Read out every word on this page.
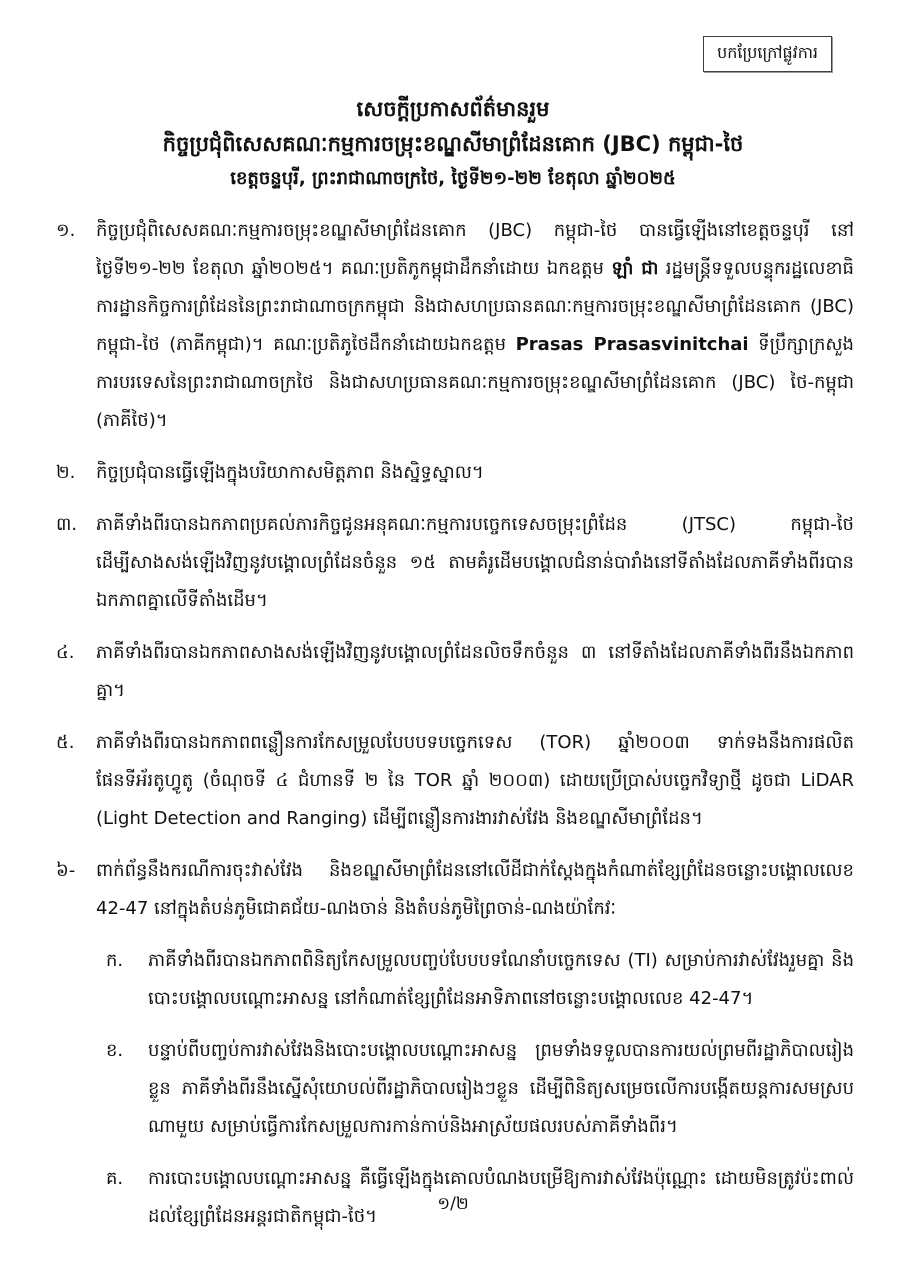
បកប្រែក្រៅផ្លូវការ
សេចក្តីប្រកាសព័ត៌មានរួម
កិច្ចប្រជុំពិសេសគណៈកម្មការចម្រុះខណ្ឌសីមាព្រំដែនគោក (JBC) កម្ពុជា-ថៃ
ខេត្តចន្ទបុរី, ព្រះរាជាណាចក្រថៃ, ថ្ងៃទី២១-២២ ខែតុលា ឆ្នាំ២០២៥
១.	កិច្ចប្រជុំពិសេសគណៈកម្មការចម្រុះខណ្ឌសីមាព្រំដែនគោក (JBC) កម្ពុជា-ថៃ បានធ្វើឡើងនៅខេត្តចន្ទបុរី នៅថ្ងៃទី២១-២២ ខែតុលា ឆ្នាំ២០២៥។ គណៈប្រតិភូកម្ពុជាដឹកនាំដោយ ឯកឧត្តម ឡាំ ជា រដ្ឋមន្ត្រីទទួលបន្ទុករដ្ឋលេខាធិការដ្ឋានកិច្ចការព្រំដែននៃព្រះរាជាណាចក្រកម្ពុជា និងជាសហប្រធានគណៈកម្មការចម្រុះខណ្ឌសីមាព្រំដែនគោក (JBC) កម្ពុជា-ថៃ (ភាគីកម្ពុជា)។ គណៈប្រតិភូថៃដឹកនាំដោយឯកឧត្តម Prasas Prasasvinitchai ទីប្រឹក្សាក្រសួងការបរទេសនៃព្រះរាជាណាចក្រថៃ និងជាសហប្រធានគណៈកម្មការចម្រុះខណ្ឌសីមាព្រំដែនគោក (JBC) ថៃ-កម្ពុជា (ភាគីថៃ)។
២.	កិច្ចប្រជុំបានធ្វើឡើងក្នុងបរិយាកាសមិត្តភាព និងស្និទ្ធស្នាល។
៣.	ភាគីទាំងពីរបានឯកភាពប្រគល់ភារកិច្ចជូនអនុគណៈកម្មការបច្ចេកទេសចម្រុះព្រំដែន (JTSC) កម្ពុជា-ថៃ ដើម្បីសាងសង់ឡើងវិញនូវបង្គោលព្រំដែនចំនួន ១៥ តាមគំរូដើមបង្គោលជំនាន់បារាំងនៅទីតាំងដែលភាគីទាំងពីរបានឯកភាពគ្នាលើទីតាំងដើម។
៤.	ភាគីទាំងពីរបានឯកភាពសាងសង់ឡើងវិញនូវបង្គោលព្រំដែនលិចទឹកចំនួន ៣ នៅទីតាំងដែលភាគីទាំងពីរនឹងឯកភាពគ្នា។
៥.	ភាគីទាំងពីរបានឯកភាពពន្លឿនការកែសម្រួលបែបបទបច្ចេកទេស (TOR) ឆ្នាំ២០០៣ ទាក់ទងនឹងការផលិតផែនទីអ័រតូហ្វូតូ (ចំណុចទី ៤ ជំហានទី ២ នៃ TOR ឆ្នាំ ២០០៣) ដោយប្រើប្រាស់បច្ចេកវិទ្យាថ្មី ដូចជា LiDAR (Light Detection and Ranging) ដើម្បីពន្លឿនការងារវាស់វែង និងខណ្ឌសីមាព្រំដែន។
៦-	ពាក់ព័ន្ធនឹងករណីការចុះវាស់វែង និងខណ្ឌសីមាព្រំដែននៅលើដីជាក់ស្តែងក្នុងកំណាត់ខ្សែព្រំដែនចន្លោះបង្គោលលេខ 42-47 នៅក្នុងតំបន់ភូមិជោគជ័យ-ណងចាន់ និងតំបន់ភូមិព្រៃចាន់-ណងយ៉ាកែវៈ
ក.	ភាគីទាំងពីរបានឯកភាពពិនិត្យកែសម្រួលបញ្ចប់បែបបទណែនាំបច្ចេកទេស (TI) សម្រាប់ការវាស់វែងរួមគ្នា និងបោះបង្គោលបណ្តោះអាសន្ន នៅកំណាត់ខ្សែព្រំដែនអាទិភាពនៅចន្លោះបង្គោលលេខ 42-47។
ខ.	បន្ទាប់ពីបញ្ចប់ការវាស់វែងនិងបោះបង្គោលបណ្តោះអាសន្ន ព្រមទាំងទទួលបានការយល់ព្រមពីរដ្ឋាភិបាលរៀងខ្លួន ភាគីទាំងពីរនឹងស្នើសុំយោបល់ពីរដ្ឋាភិបាលរៀងៗខ្លួន ដើម្បីពិនិត្យសម្រេចលើការបង្កើតយន្តការសមស្របណាមួយ សម្រាប់ធ្វើការកែសម្រួលការកាន់កាប់និងអាស្រ័យផលរបស់ភាគីទាំងពីរ។
គ.	ការបោះបង្គោលបណ្តោះអាសន្ន គឺធ្វើឡើងក្នុងគោលបំណងបម្រើឱ្យការវាស់វែងប៉ុណ្ណោះ ដោយមិនត្រូវប៉ះពាល់ដល់ខ្សែព្រំដែនអន្តរជាតិកម្ពុជា-ថៃ។
១/២
